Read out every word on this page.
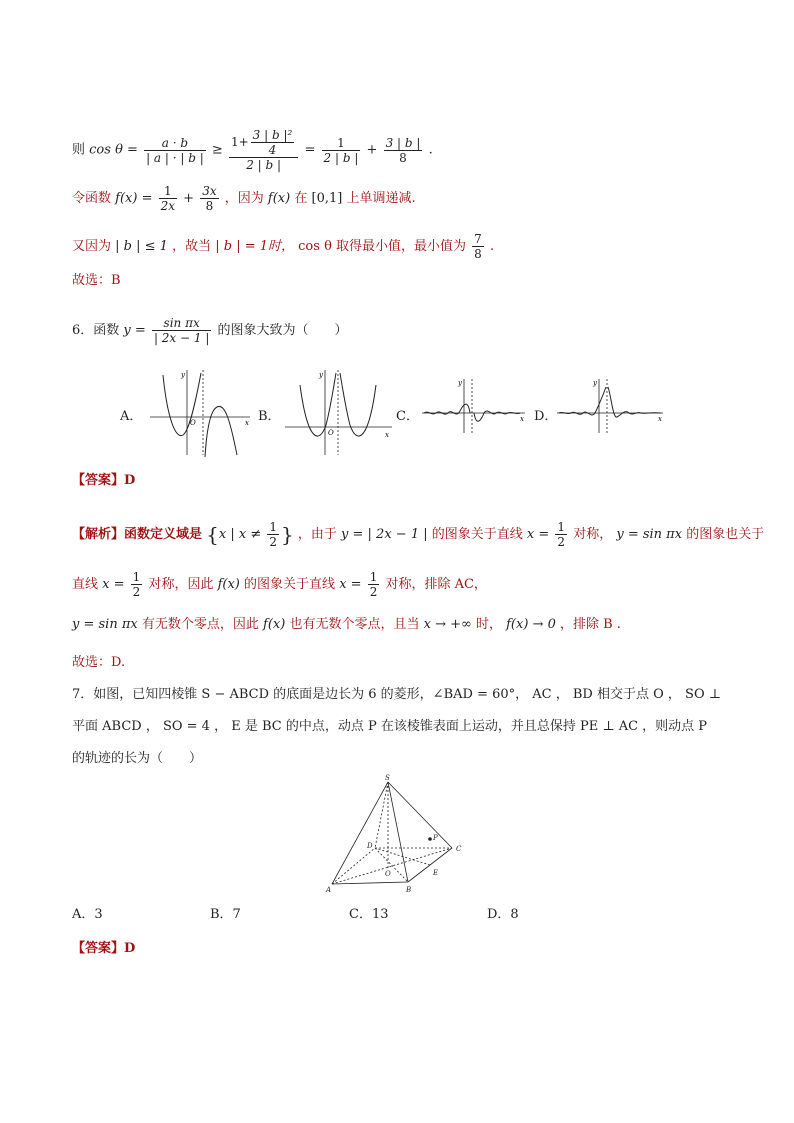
则 $\cos \theta = \frac{a \cdot b}{| a | \cdot | b |} \ge \frac{1+ \frac{\text{3 | b |²}}{4}}{2 | b |} = \frac{1}{2 | b |} + \frac{3 | b |}{8}$ .
令函数 $f(x) = \frac{1}{2x} + \frac{3x}{8}$ ，因为 f(x) 在 [0,1] 上单调递减.
又因为 | b | ≤ 1 ，故当 | b | = 1时， cos θ 取得最小值，最小值为 $\frac{7}{8}$ .
故选：B
6．函数 $y = \frac{\text{sin πx}}{| 2x - 1 |}$ 的图象大致为（　　）
A．
y
x
O	B．
y
x
O
C．
y
x D．
y
x
【答案】D
【解析】函数定义域是 {x | $x \ne \frac{1}{2}$ } ，由于 y = | 2x − 1 | 的图象关于直线 $x = \frac{1}{2}$ 对称， y = sin πx 的图象也关于
直线 $x = \frac{1}{2}$ 对称，因此 f(x) 的图象关于直线 $x = \frac{1}{2}$ 对称，排除 AC，
y = sin πx 有无数个零点，因此 f(x) 也有无数个零点，且当 x → +∞ 时， f(x) → 0 ，排除 B .
故选：D.
7．如图，已知四棱锥 S − ABCD 的底面是边长为 6 的菱形，∠BAD = 60°， AC ， BD 相交于点 O ， SO ⊥
平面 ABCD ， SO = 4 ， E 是 BC 的中点，动点 P 在该棱锥表面上运动，并且总保持 PE ⊥ AC ，则动点 P
的轨迹的长为（　　）
S
D	C
A	B
E
O
P
A．3	B．7	C．13	D．8
【答案】D
